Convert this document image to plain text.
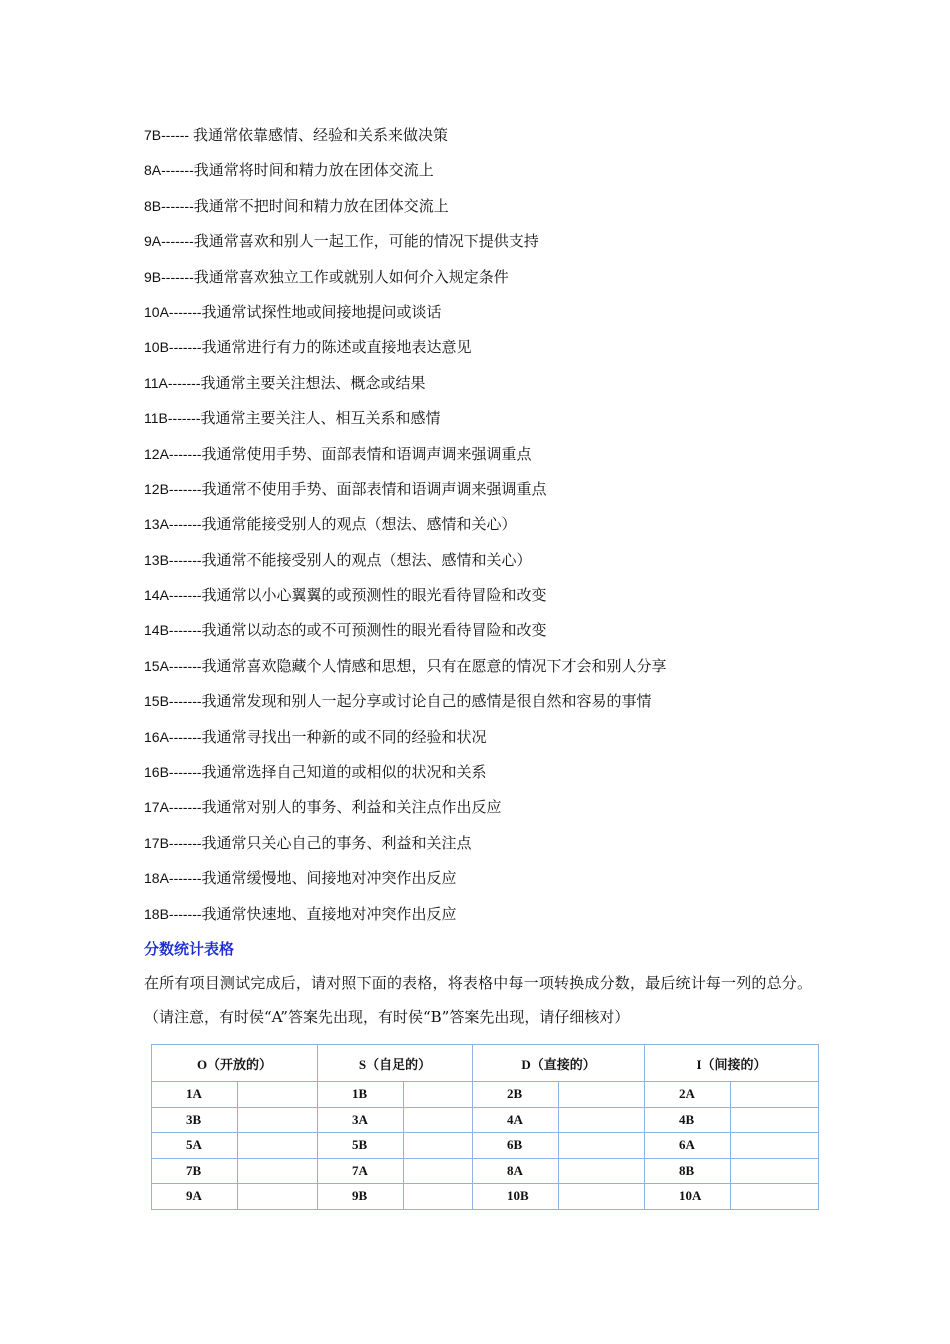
7B------ 我通常依靠感情、经验和关系来做决策
8A-------我通常将时间和精力放在团体交流上
8B-------我通常不把时间和精力放在团体交流上
9A-------我通常喜欢和别人一起工作，可能的情况下提供支持
9B-------我通常喜欢独立工作或就别人如何介入规定条件
10A-------我通常试探性地或间接地提问或谈话
10B-------我通常进行有力的陈述或直接地表达意见
11A-------我通常主要关注想法、概念或结果
11B-------我通常主要关注人、相互关系和感情
12A-------我通常使用手势、面部表情和语调声调来强调重点
12B-------我通常不使用手势、面部表情和语调声调来强调重点
13A-------我通常能接受别人的观点（想法、感情和关心）
13B-------我通常不能接受别人的观点（想法、感情和关心）
14A-------我通常以小心翼翼的或预测性的眼光看待冒险和改变
14B-------我通常以动态的或不可预测性的眼光看待冒险和改变
15A-------我通常喜欢隐藏个人情感和思想，只有在愿意的情况下才会和别人分享
15B-------我通常发现和别人一起分享或讨论自己的感情是很自然和容易的事情
16A-------我通常寻找出一种新的或不同的经验和状况
16B-------我通常选择自己知道的或相似的状况和关系
17A-------我通常对别人的事务、利益和关注点作出反应
17B-------我通常只关心自己的事务、利益和关注点
18A-------我通常缓慢地、间接地对冲突作出反应
18B-------我通常快速地、直接地对冲突作出反应
分数统计表格
在所有项目测试完成后，请对照下面的表格，将表格中每一项转换成分数，最后统计每一列的总分。（请注意，有时侯“A”答案先出现，有时侯“B”答案先出现，请仔细核对）
O（开放的）		S（自足的）		D（直接的）		I（间接的）	
1A		1B		2B		2A	
3B		3A		4A		4B	
5A		5B		6B		6A	
7B		7A		8A		8B	
9A		9B		10B		10A	
